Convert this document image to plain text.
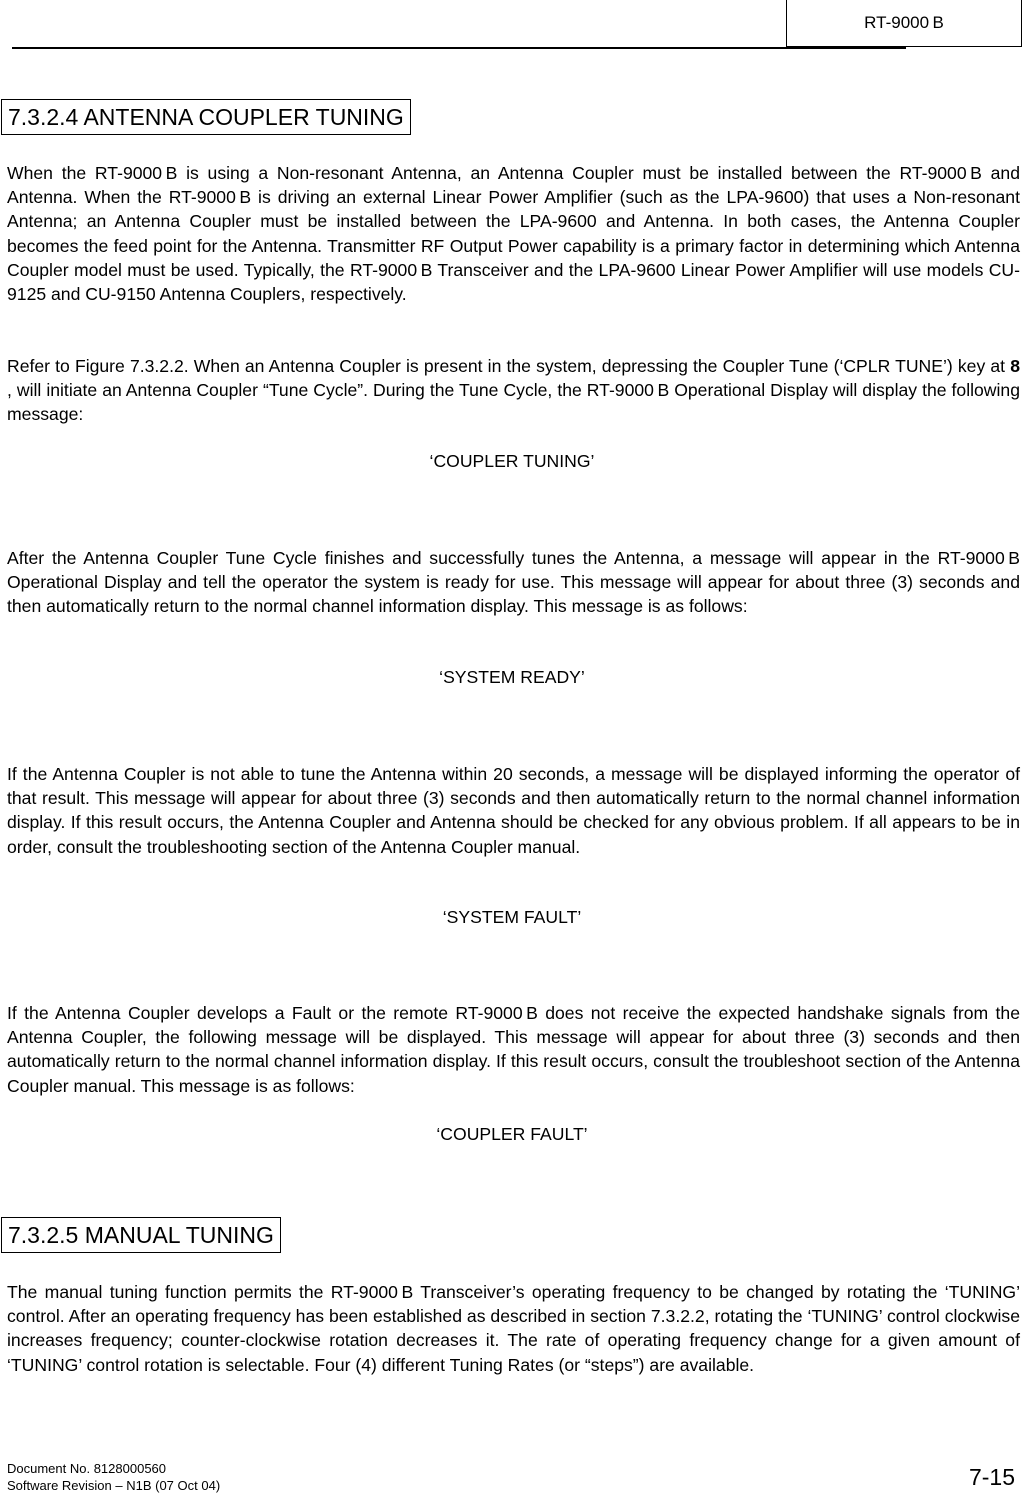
RT-9000 B
7.3.2.4 ANTENNA COUPLER TUNING
When the RT-9000 B is using a Non-resonant Antenna, an Antenna Coupler must be installed between the RT-9000 B and Antenna. When the RT-9000 B is driving an external Linear Power Amplifier (such as the LPA-9600) that uses a Non-resonant Antenna; an Antenna Coupler must be installed between the LPA-9600 and Antenna. In both cases, the Antenna Coupler becomes the feed point for the Antenna. Transmitter RF Output Power capability is a primary factor in determining which Antenna Coupler model must be used. Typically, the RT-9000 B Transceiver and the LPA-9600 Linear Power Amplifier will use models CU-9125 and CU-9150 Antenna Couplers, respectively.
Refer to Figure 7.3.2.2. When an Antenna Coupler is present in the system, depressing the Coupler Tune (‘CPLR TUNE’) key at 8 , will initiate an Antenna Coupler “Tune Cycle”. During the Tune Cycle, the RT-9000 B Operational Display will display the following message:
‘COUPLER TUNING’
After the Antenna Coupler Tune Cycle finishes and successfully tunes the Antenna, a message will appear in the RT-9000 B Operational Display and tell the operator the system is ready for use. This message will appear for about three (3) seconds and then automatically return to the normal channel information display. This message is as follows:
‘SYSTEM READY’
If the Antenna Coupler is not able to tune the Antenna within 20 seconds, a message will be displayed informing the operator of that result. This message will appear for about three (3) seconds and then automatically return to the normal channel information display. If this result occurs, the Antenna Coupler and Antenna should be checked for any obvious problem. If all appears to be in order, consult the troubleshooting section of the Antenna Coupler manual.
‘SYSTEM FAULT’
If the Antenna Coupler develops a Fault or the remote RT-9000 B does not receive the expected handshake signals from the Antenna Coupler, the following message will be displayed. This message will appear for about three (3) seconds and then automatically return to the normal channel information display. If this result occurs, consult the troubleshoot section of the Antenna Coupler manual. This message is as follows:
‘COUPLER FAULT’
7.3.2.5 MANUAL TUNING
The manual tuning function permits the RT-9000 B Transceiver’s operating frequency to be changed by rotating the ‘TUNING’ control. After an operating frequency has been established as described in section 7.3.2.2, rotating the ‘TUNING’ control clockwise increases frequency; counter-clockwise rotation decreases it. The rate of operating frequency change for a given amount of ‘TUNING’ control rotation is selectable. Four (4) different Tuning Rates (or “steps”) are available.
Document No. 8128000560
Software Revision – N1B (07 Oct 04)	7-15
